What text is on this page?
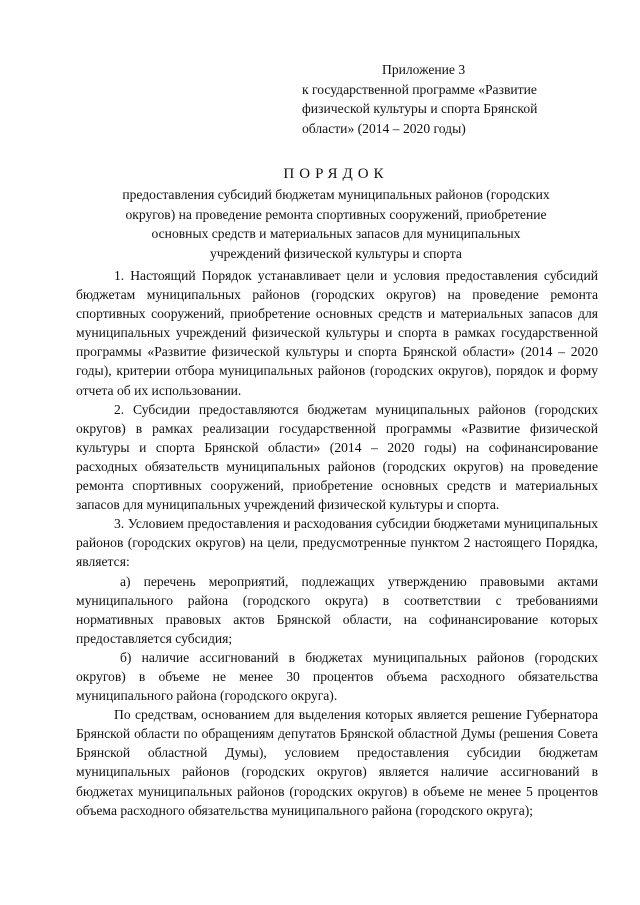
Приложение 3
к государственной программе «Развитие
физической культуры и спорта Брянской
области» (2014 – 2020 годы)
ПОРЯДОК
предоставления субсидий бюджетам муниципальных районов (городских
округов) на проведение ремонта спортивных сооружений, приобретение
основных средств и материальных запасов для муниципальных
учреждений физической культуры и спорта

1. Настоящий Порядок устанавливает цели и условия предоставления субсидий бюджетам муниципальных районов (городских округов) на проведение ремонта спортивных сооружений, приобретение основных средств и материальных запасов для муниципальных учреждений физической культуры и спорта в рамках государственной программы «Развитие физической культуры и спорта Брянской области» (2014 – 2020 годы), критерии отбора муниципальных районов (городских округов), порядок и форму отчета об их использовании.

2. Субсидии предоставляются бюджетам муниципальных районов (городских округов) в рамках реализации государственной программы «Развитие физической культуры и спорта Брянской области» (2014 – 2020 годы) на софинансирование расходных обязательств муниципальных районов (городских округов) на проведение ремонта спортивных сооружений, приобретение основных средств и материальных запасов для муниципальных учреждений физической культуры и спорта.

3. Условием предоставления и расходования субсидии бюджетами муниципальных районов (городских округов) на цели, предусмотренные пунктом 2 настоящего Порядка, является:

а) перечень мероприятий, подлежащих утверждению правовыми актами муниципального района (городского округа) в соответствии с требованиями нормативных правовых актов Брянской области, на софинансирование которых предоставляется субсидия;

б) наличие ассигнований в бюджетах муниципальных районов (городских округов) в объеме не менее 30 процентов объема расходного обязательства муниципального района (городского округа).

По средствам, основанием для выделения которых является решение Губернатора Брянской области по обращениям депутатов Брянской областной Думы (решения Совета Брянской областной Думы), условием предоставления субсидии бюджетам муниципальных районов (городских округов) является наличие ассигнований в бюджетах муниципальных районов (городских округов) в объеме не менее 5 процентов объема расходного обязательства муниципального района (городского округа);
